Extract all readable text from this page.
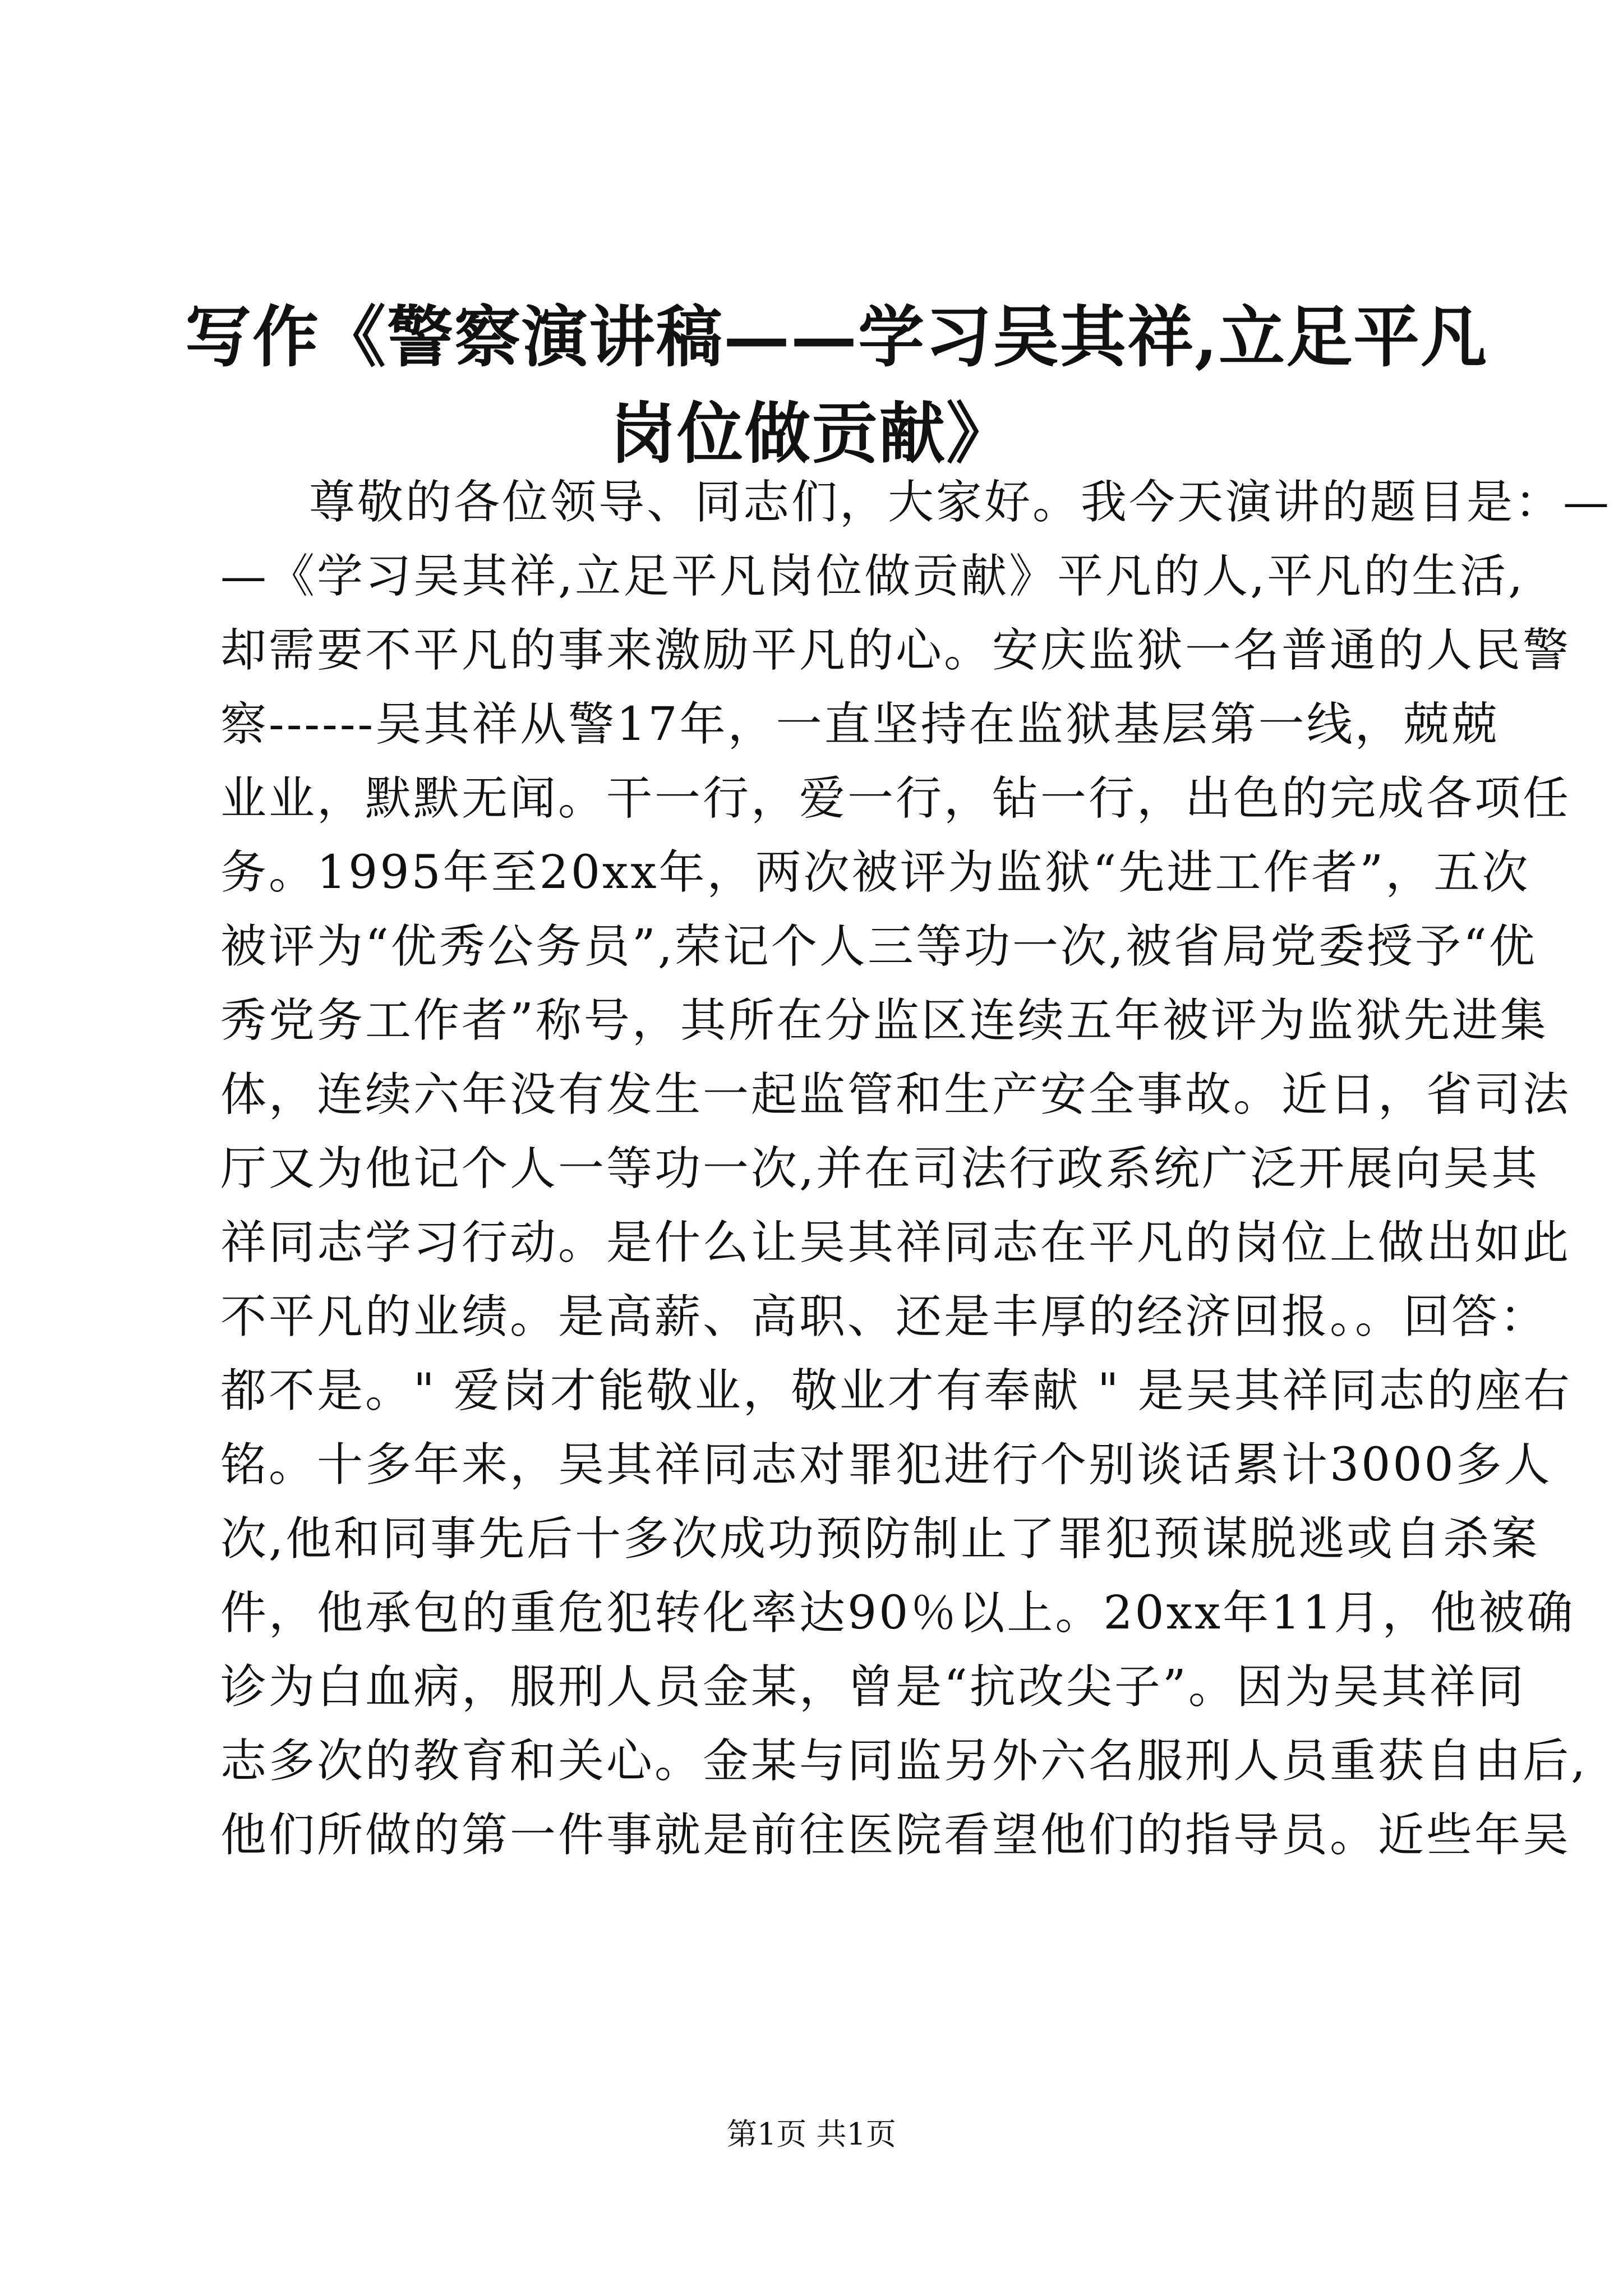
写作《警察演讲稿——学习吴其祥,立足平凡
岗位做贡献》
尊敬的各位领导、同志们，大家好。我今天演讲的题目是：—
—《学习吴其祥,立足平凡岗位做贡献》平凡的人,平凡的生活,
却需要不平凡的事来激励平凡的心。安庆监狱一名普通的人民警
察------吴其祥从警17年，一直坚持在监狱基层第一线，兢兢
业业，默默无闻。干一行，爱一行，钻一行，出色的完成各项任
务。1995年至20xx年，两次被评为监狱“先进工作者”，五次
被评为“优秀公务员”,荣记个人三等功一次,被省局党委授予“优
秀党务工作者”称号，其所在分监区连续五年被评为监狱先进集
体，连续六年没有发生一起监管和生产安全事故。近日，省司法
厅又为他记个人一等功一次,并在司法行政系统广泛开展向吴其
祥同志学习行动。是什么让吴其祥同志在平凡的岗位上做出如此
不平凡的业绩。是高薪、高职、还是丰厚的经济回报。。回答：
都不是。" 爱岗才能敬业，敬业才有奉献 " 是吴其祥同志的座右
铭。十多年来，吴其祥同志对罪犯进行个别谈话累计3000多人
次,他和同事先后十多次成功预防制止了罪犯预谋脱逃或自杀案
件，他承包的重危犯转化率达90％以上。20xx年11月，他被确
诊为白血病，服刑人员金某，曾是“抗改尖子”。因为吴其祥同
志多次的教育和关心。金某与同监另外六名服刑人员重获自由后,
他们所做的第一件事就是前往医院看望他们的指导员。近些年吴
第1页 共1页
